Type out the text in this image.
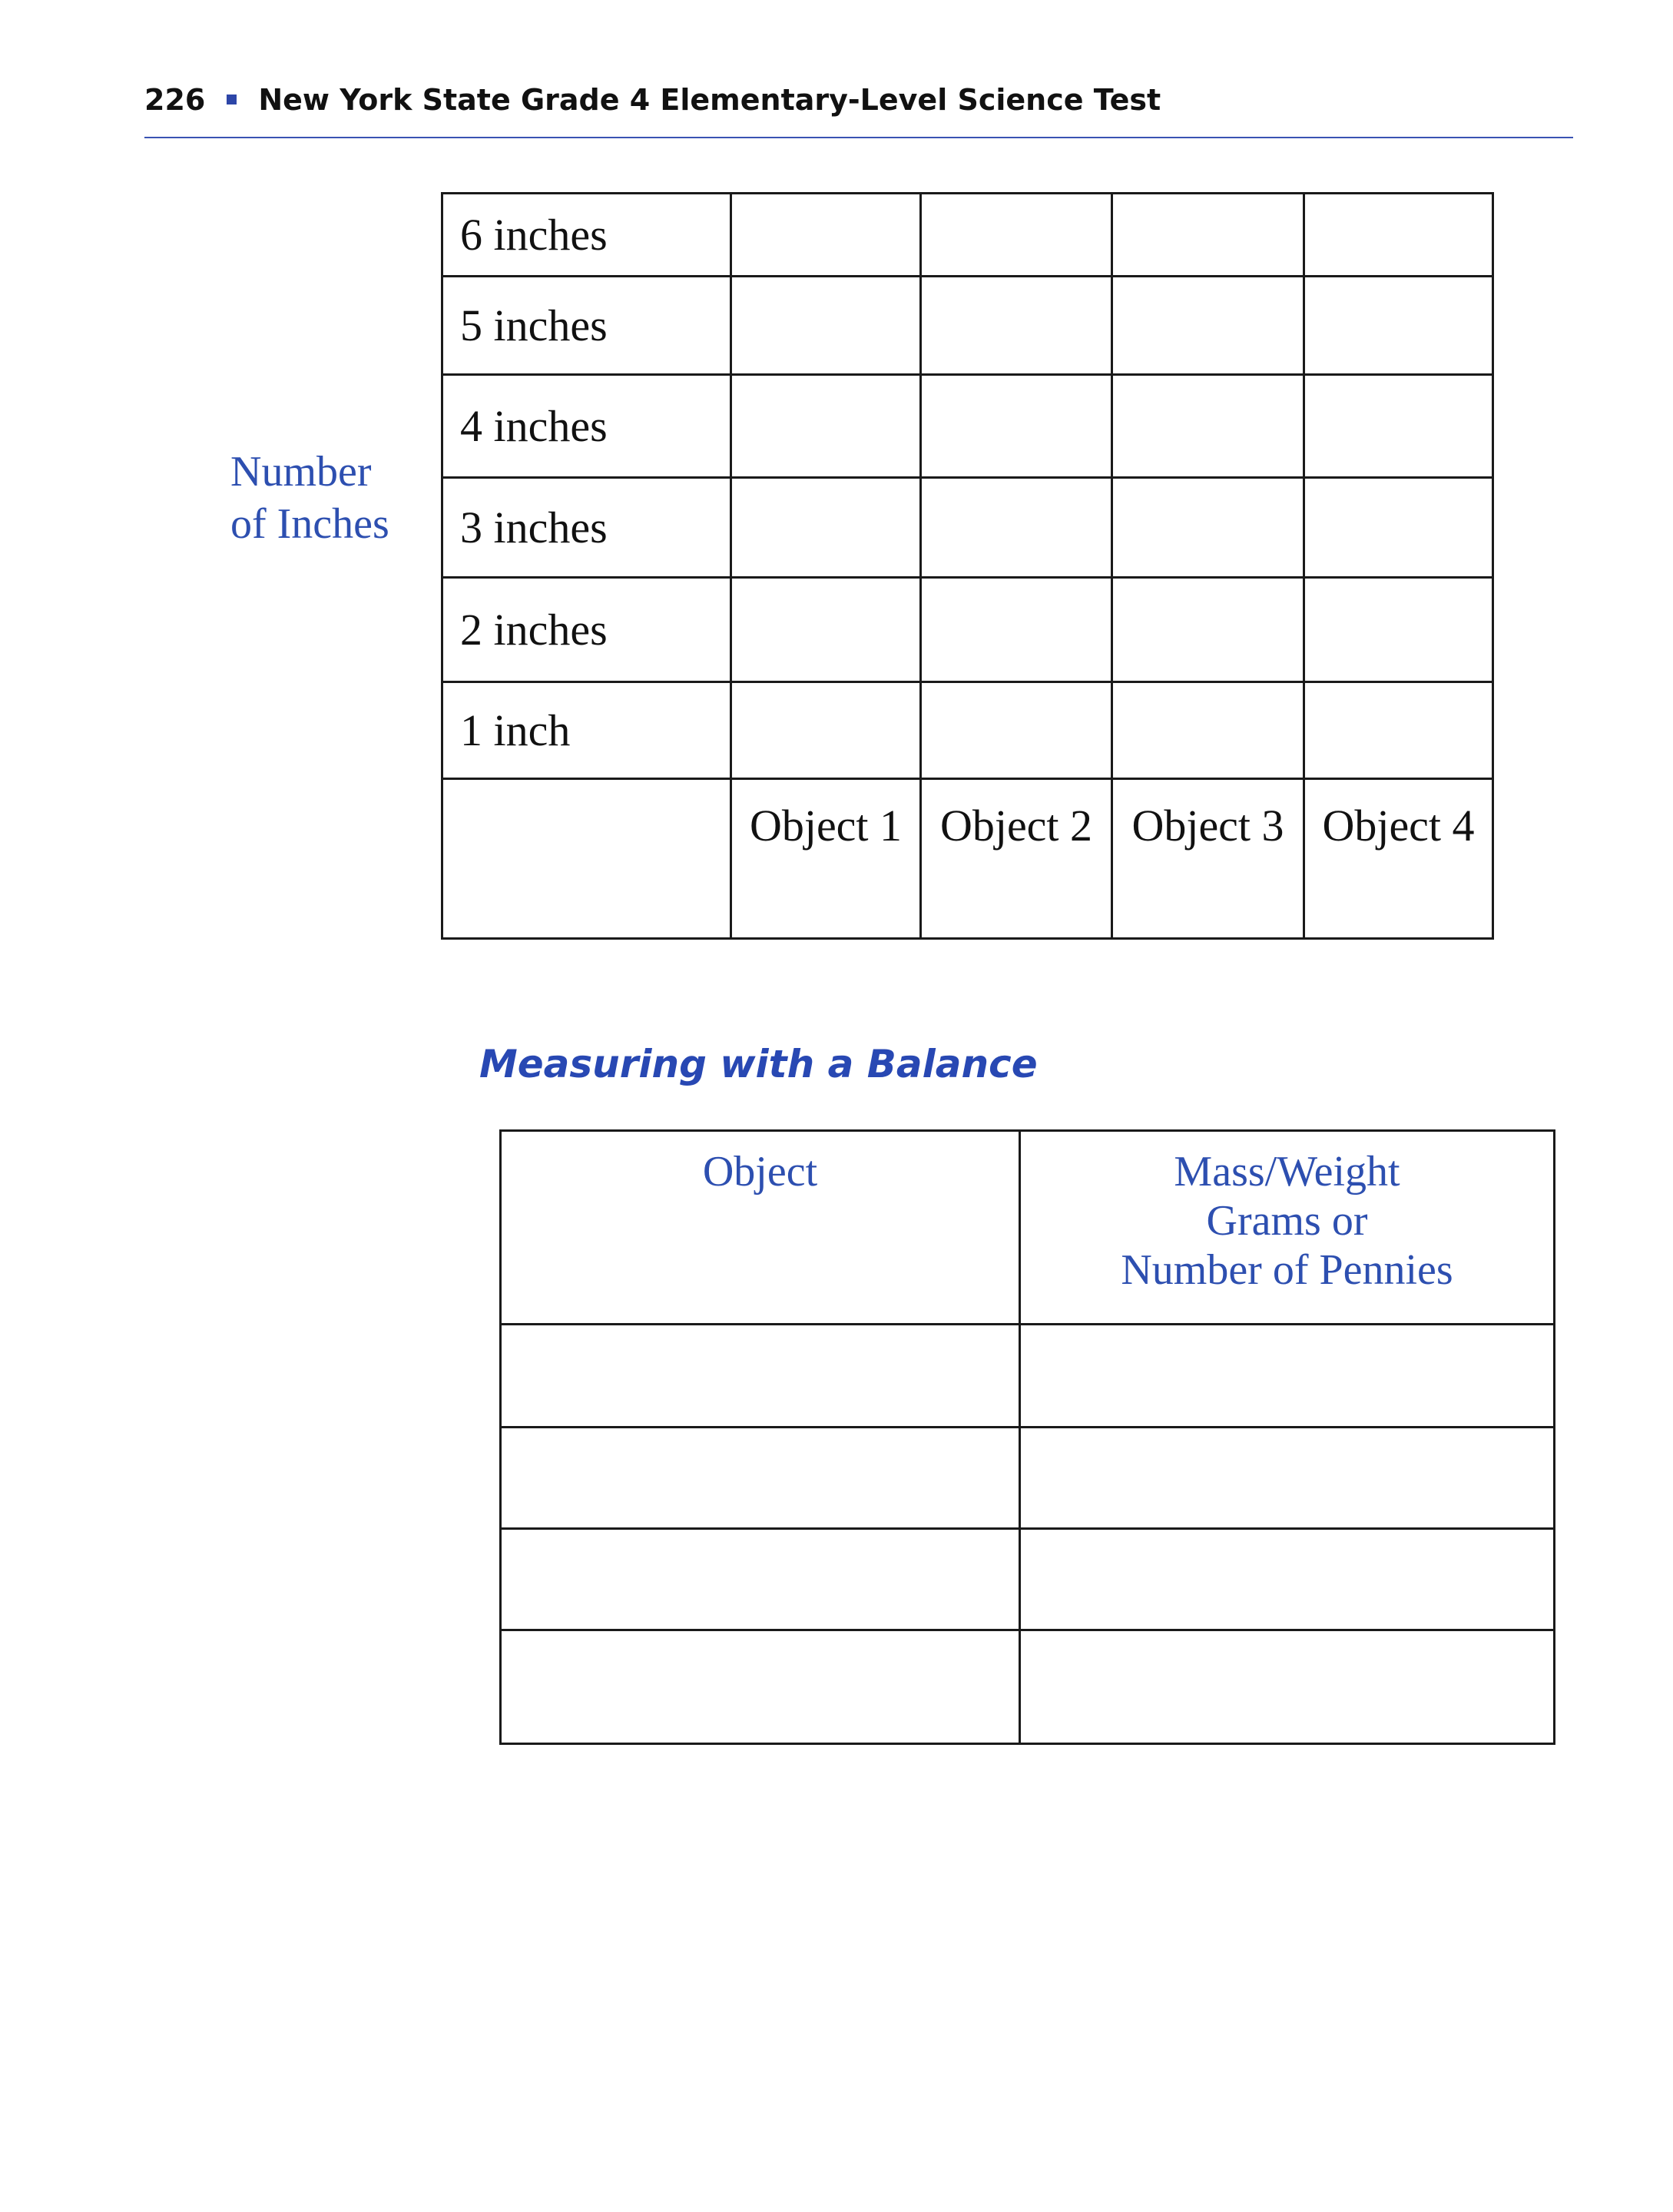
226 New York State Grade 4 Elementary-Level Science Test
Number
of Inches
6 inches				
5 inches				
4 inches				
3 inches				
2 inches				
1 inch				
	Object 1	Object 2	Object 3	Object 4
Measuring with a Balance
Object	Mass/Weight
Grams or
Number of Pennies
